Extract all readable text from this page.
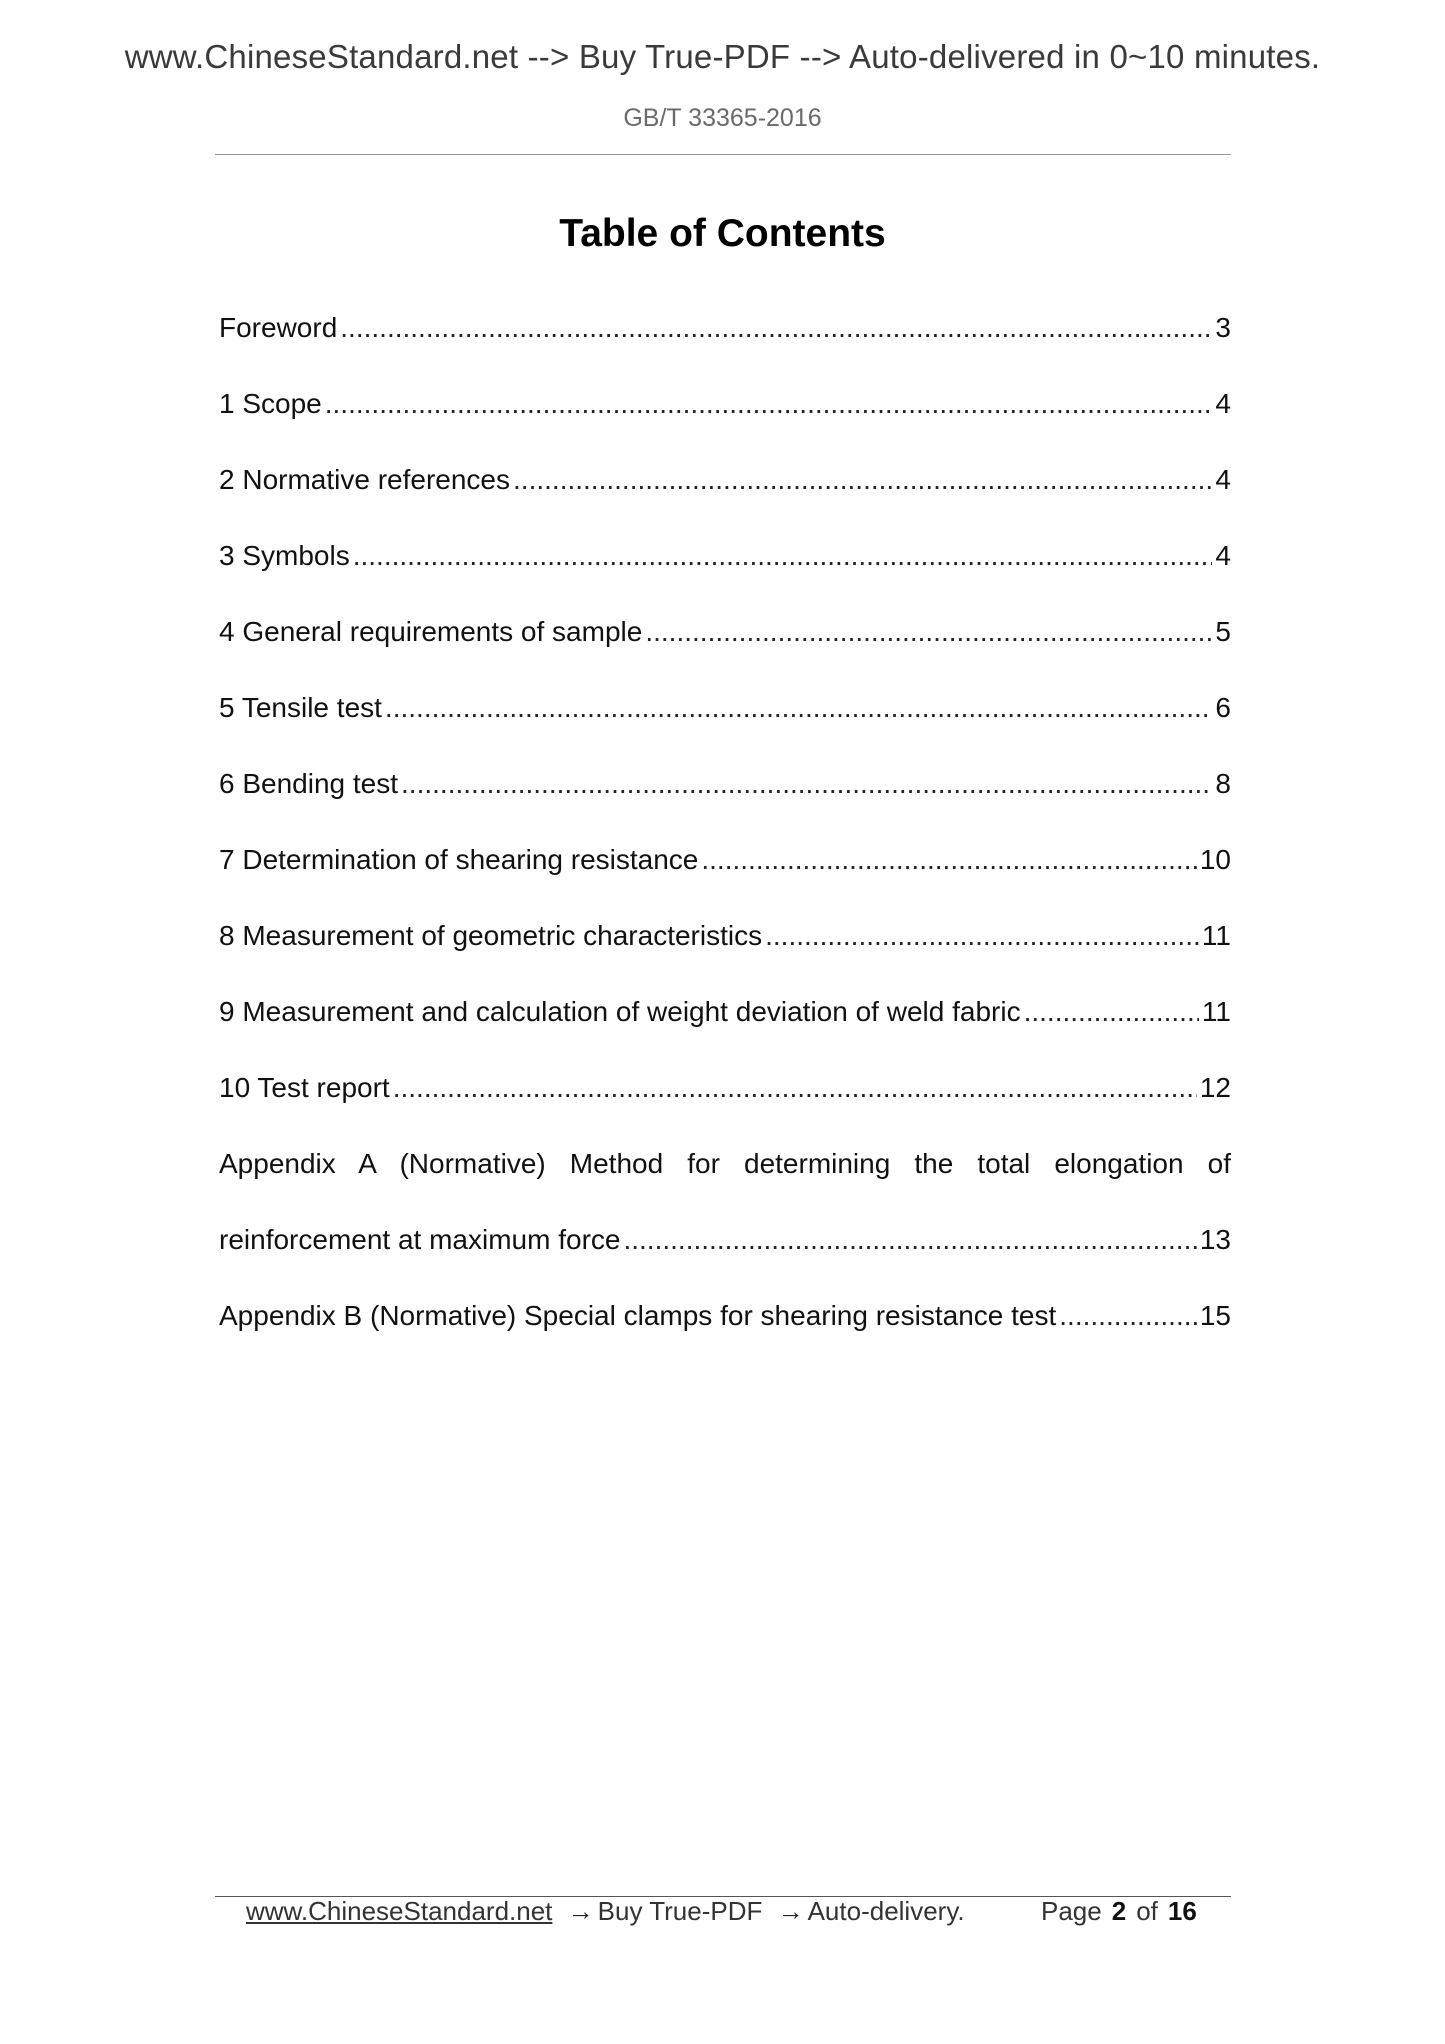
www.ChineseStandard.net --> Buy True-PDF --> Auto-delivered in 0~10 minutes.
GB/T 33365-2016
Table of Contents
Foreword .....	3
1 Scope .....	4
2 Normative references .....	4
3 Symbols .....	4
4 General requirements of sample .....	5
5 Tensile test .....	6
6 Bending test .....	8
7 Determination of shearing resistance .....	10
8 Measurement of geometric characteristics .....	11
9 Measurement and calculation of weight deviation of weld fabric .....	11
10 Test report .....	12
Appendix A (Normative) Method for determining the total elongation of
reinforcement at maximum force .....	13
Appendix B (Normative) Special clamps for shearing resistance test .....	15
www.ChineseStandard.net → Buy True-PDF → Auto-delivery.	Page 2 of 16
